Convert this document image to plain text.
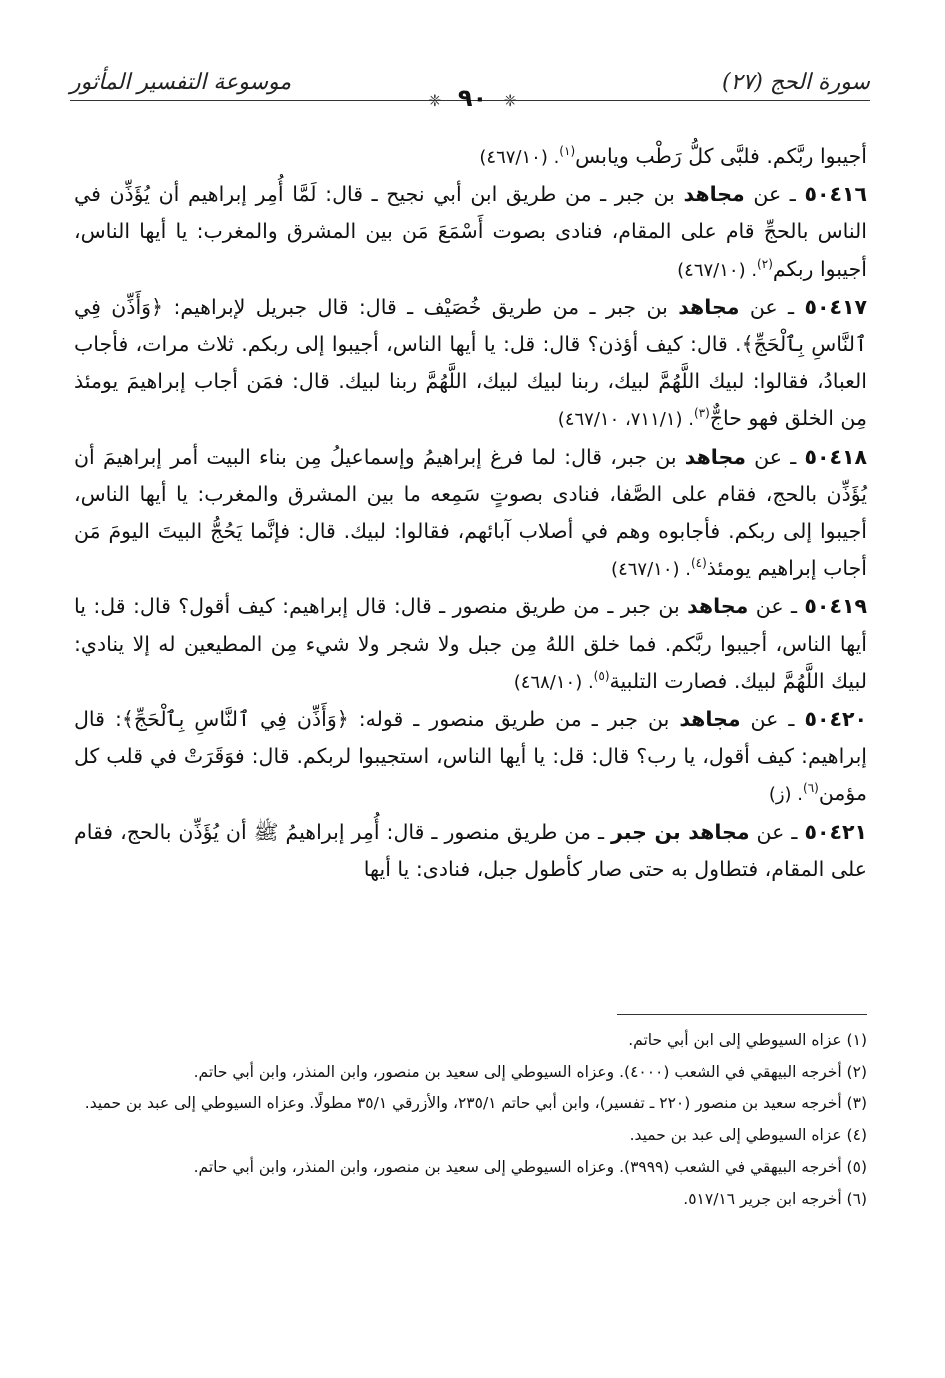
سورة الحج (٢٧)
موسوعة التفسير المأثور
❈ ٩٠ ❈

أجيبوا ربَّكم. فلبَّى كلُّ رَطْب ويابس$^{(١)}$. (٤٦٧/١٠)

٥٠٤١٦ ـ عن مجاهد بن جبر ـ من طريق ابن أبي نجيح ـ قال: لَمَّا أُمِر إبراهيم أن يُؤَذِّن في الناس بالحجِّ قام على المقام، فنادى بصوت أَسْمَعَ مَن بين المشرق والمغرب: يا أيها الناس، أجيبوا ربكم$^{(٢)}$. (٤٦٧/١٠)

٥٠٤١٧ ـ عن مجاهد بن جبر ـ من طريق خُصَيْف ـ قال: قال جبريل لإبراهيم: ﴿وَأَذِّن فِي ٱلنَّاسِ بِٱلْحَجِّ﴾. قال: كيف أؤذن؟ قال: قل: يا أيها الناس، أجيبوا إلى ربكم. ثلاث مرات، فأجاب العبادُ، فقالوا: لبيك اللَّهُمَّ لبيك، ربنا لبيك لبيك، اللَّهُمَّ ربنا لبيك. قال: فمَن أجاب إبراهيمَ يومئذ مِن الخلق فهو حاجٌّ$^{(٣)}$. (٧١١/١، ٤٦٧/١٠)

٥٠٤١٨ ـ عن مجاهد بن جبر، قال: لما فرغ إبراهيمُ وإسماعيلُ مِن بناء البيت أمر إبراهيمَ أن يُؤَذِّن بالحج، فقام على الصَّفا، فنادى بصوتٍ سَمِعه ما بين المشرق والمغرب: يا أيها الناس، أجيبوا إلى ربكم. فأجابوه وهم في أصلاب آبائهم، فقالوا: لبيك. قال: فإنَّما يَحُجُّ البيتَ اليومَ مَن أجاب إبراهيم يومئذ$^{(٤)}$. (٤٦٧/١٠)

٥٠٤١٩ ـ عن مجاهد بن جبر ـ من طريق منصور ـ قال: قال إبراهيم: كيف أقول؟ قال: قل: يا أيها الناس، أجيبوا ربَّكم. فما خلق اللهُ مِن جبل ولا شجر ولا شيء مِن المطيعين له إلا ينادي: لبيك اللَّهُمَّ لبيك. فصارت التلبية$^{(٥)}$. (٤٦٨/١٠)

٥٠٤٢٠ ـ عن مجاهد بن جبر ـ من طريق منصور ـ قوله: ﴿وَأَذِّن فِي ٱلنَّاسِ بِٱلْحَجِّ﴾: قال إبراهيم: كيف أقول، يا رب؟ قال: قل: يا أيها الناس، استجيبوا لربكم. قال: فوَقَرَتْ في قلب كل مؤمن$^{(٦)}$. (ز)

٥٠٤٢١ ـ عن مجاهد بن جبر ـ من طريق منصور ـ قال: أُمِر إبراهيمُ ﷺ أن يُؤَذِّن بالحج، فقام على المقام، فتطاول به حتى صار كأطول جبل، فنادى: يا أيها

(١) عزاه السيوطي إلى ابن أبي حاتم.

(٢) أخرجه البيهقي في الشعب (٤٠٠٠). وعزاه السيوطي إلى سعيد بن منصور، وابن المنذر، وابن أبي حاتم.

(٣) أخرجه سعيد بن منصور (٢٢٠ ـ تفسير)، وابن أبي حاتم ٢٣٥/١، والأزرقي ٣٥/١ مطولًا. وعزاه السيوطي إلى عبد بن حميد.

(٤) عزاه السيوطي إلى عبد بن حميد.

(٥) أخرجه البيهقي في الشعب (٣٩٩٩). وعزاه السيوطي إلى سعيد بن منصور، وابن المنذر، وابن أبي حاتم.

(٦) أخرجه ابن جرير ٥١٧/١٦.
